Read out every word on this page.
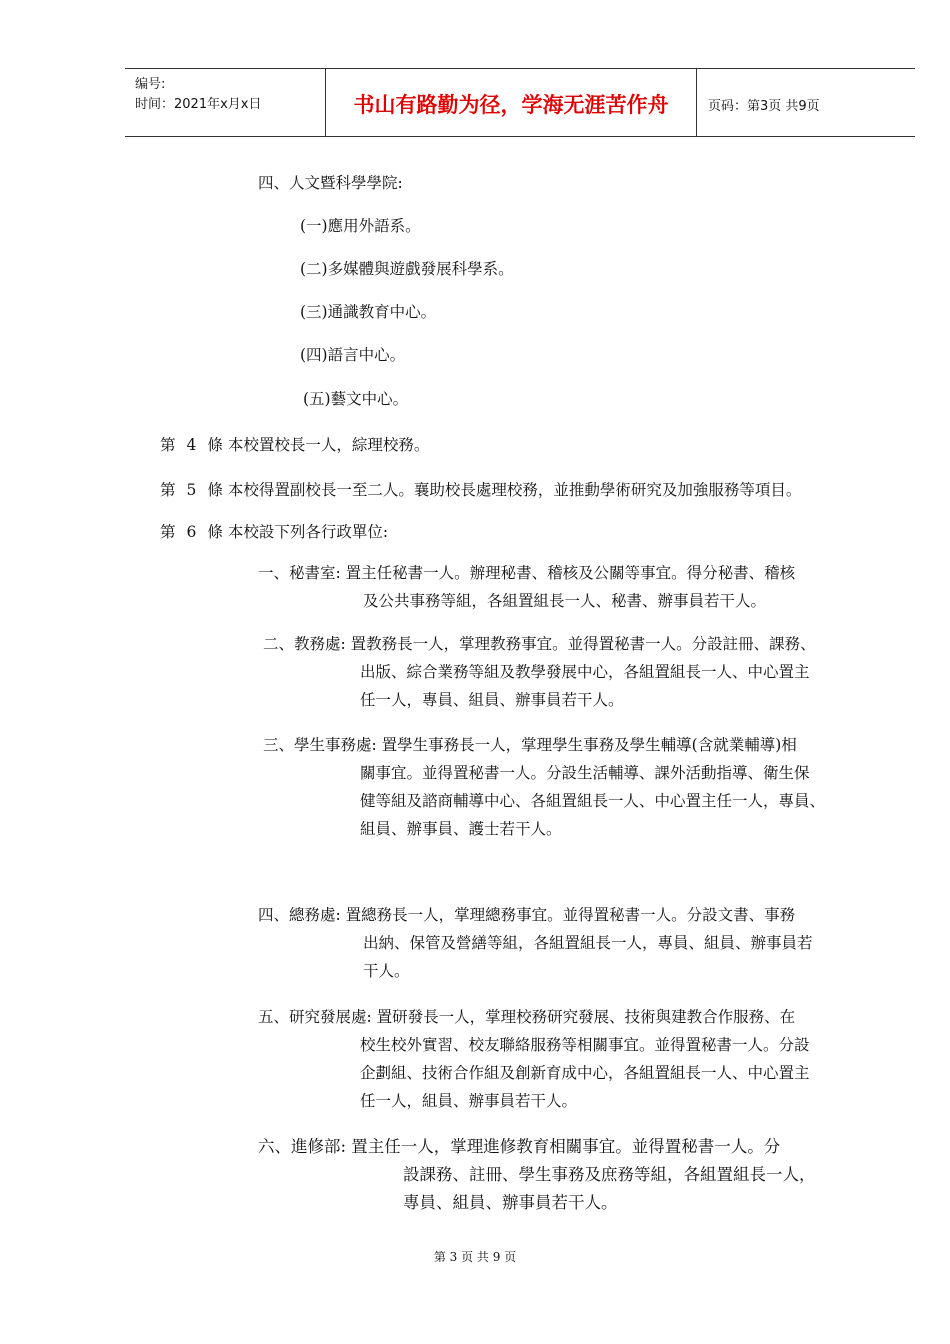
编号:
时间：2021年x月x日	书山有路勤为径，学海无涯苦作舟	页码：第3页 共9页
四、人文暨科學學院:
(一)應用外語系。
(二)多媒體與遊戲發展科學系。
(三)通識教育中心。
(四)語言中心。
(五)藝文中心。
第 4 條 本校置校長一人，綜理校務。
第 5 條 本校得置副校長一至二人。襄助校長處理校務，並推動學術研究及加強服務等項目。
第 6 條 本校設下列各行政單位:
一、秘書室: 置主任秘書一人。辦理秘書、稽核及公關等事宜。得分秘書、稽核
及公共事務等組，各組置組長一人、秘書、辦事員若干人。
二、教務處: 置教務長一人，掌理教務事宜。並得置秘書一人。分設註冊、課務、
出版、綜合業務等組及教學發展中心，各組置組長一人、中心置主
任一人，專員、組員、辦事員若干人。
三、學生事務處: 置學生事務長一人，掌理學生事務及學生輔導(含就業輔導)相
關事宜。並得置秘書一人。分設生活輔導、課外活動指導、衛生保
健等組及諮商輔導中心、各組置組長一人、中心置主任一人，專員、
組員、辦事員、護士若干人。
四、總務處: 置總務長一人，掌理總務事宜。並得置秘書一人。分設文書、事務
出納、保管及營繕等組，各組置組長一人，專員、組員、辦事員若
干人。
五、研究發展處: 置研發長一人，掌理校務研究發展、技術與建教合作服務、在
校生校外實習、校友聯絡服務等相關事宜。並得置秘書一人。分設
企劃組、技術合作組及創新育成中心，各組置組長一人、中心置主
任一人，組員、辦事員若干人。
六、進修部: 置主任一人，掌理進修教育相關事宜。並得置秘書一人。分
設課務、註冊、學生事務及庶務等組，各組置組長一人，
專員、組員、辦事員若干人。
第 3 页 共 9 页
